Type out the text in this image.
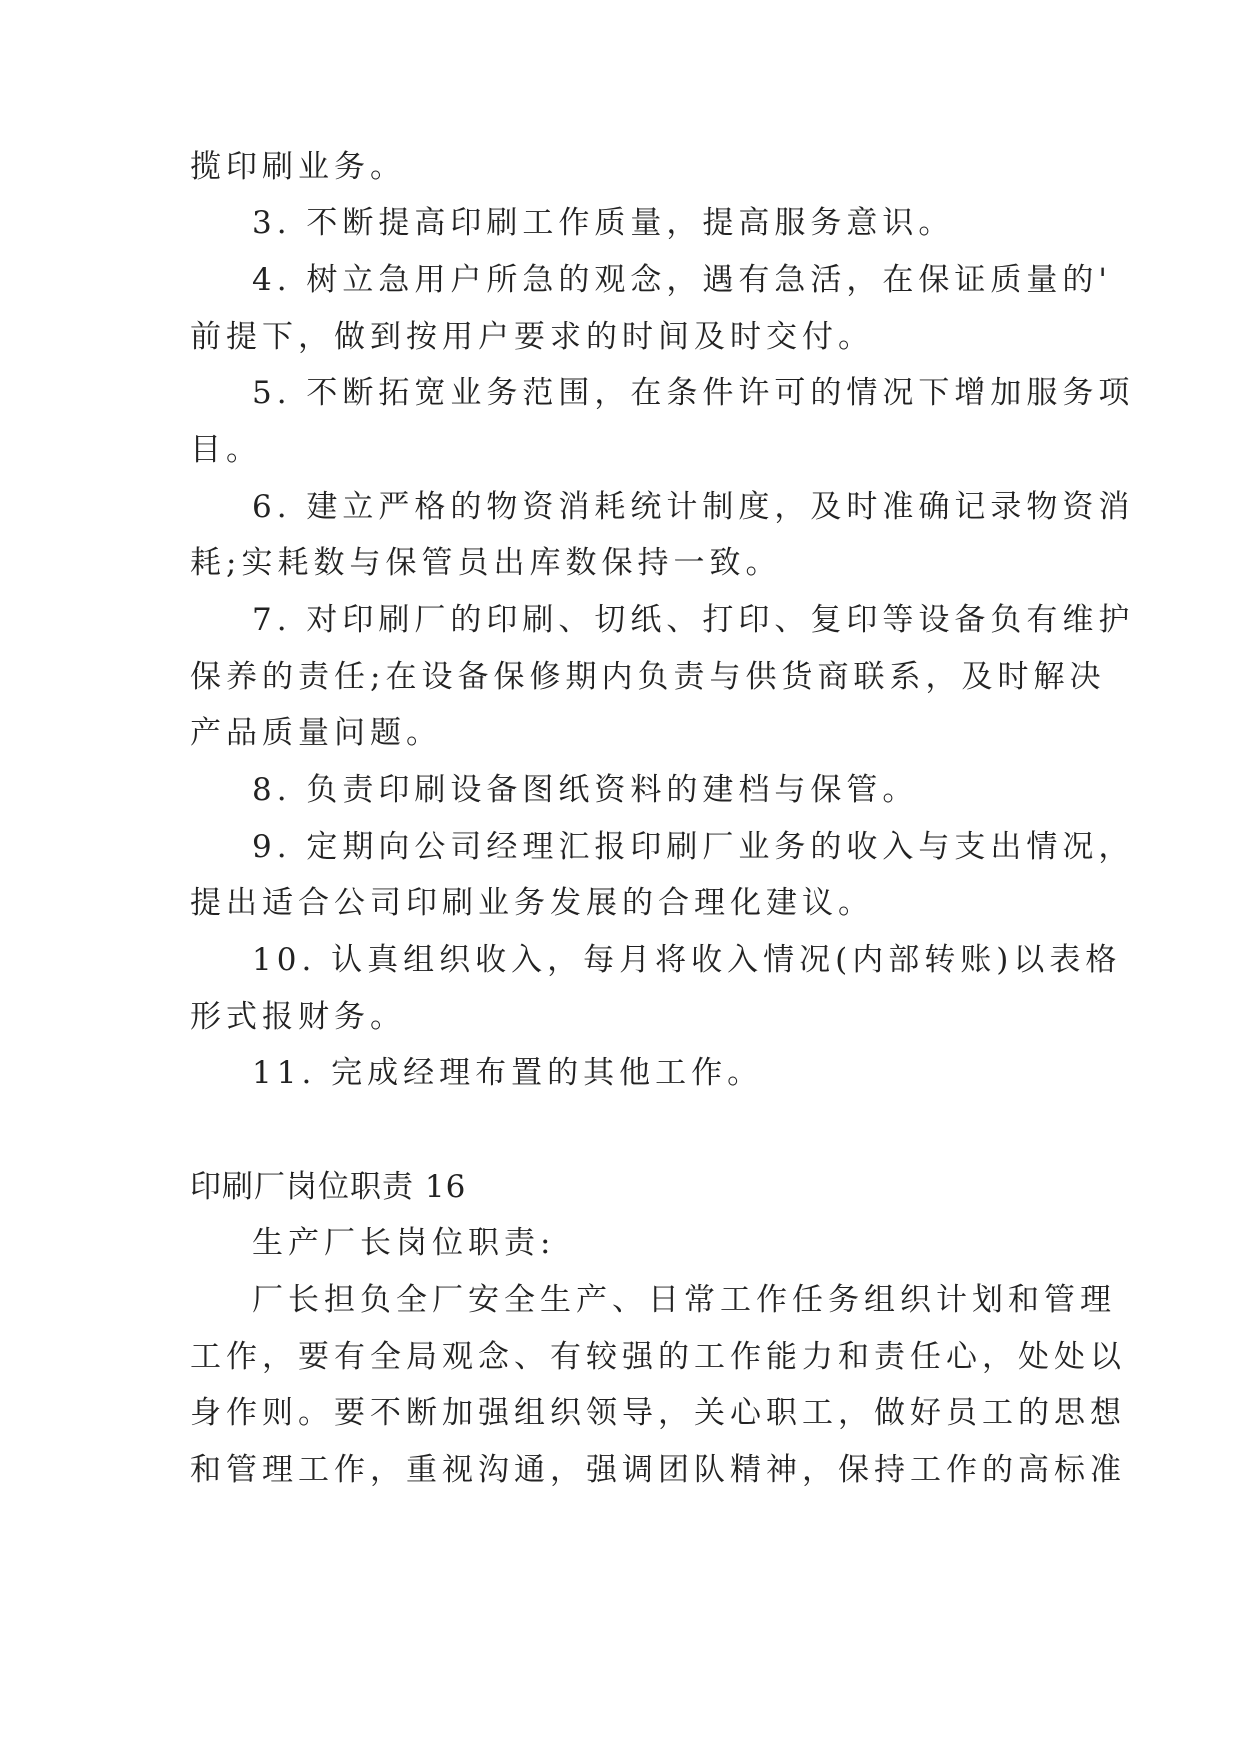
揽印刷业务。
3. 不断提高印刷工作质量，提高服务意识。
4. 树立急用户所急的观念，遇有急活，在保证质量的'
前提下，做到按用户要求的时间及时交付。
5. 不断拓宽业务范围，在条件许可的情况下增加服务项
目。
6. 建立严格的物资消耗统计制度，及时准确记录物资消
耗;实耗数与保管员出库数保持一致。
7. 对印刷厂的印刷、切纸、打印、复印等设备负有维护
保养的责任;在设备保修期内负责与供货商联系，及时解决
产品质量问题。
8. 负责印刷设备图纸资料的建档与保管。
9. 定期向公司经理汇报印刷厂业务的收入与支出情况，
提出适合公司印刷业务发展的合理化建议。
10. 认真组织收入，每月将收入情况(内部转账)以表格
形式报财务。
11. 完成经理布置的其他工作。
印刷厂岗位职责 16
生产厂长岗位职责:
厂长担负全厂安全生产、日常工作任务组织计划和管理
工作，要有全局观念、有较强的工作能力和责任心，处处以
身作则。要不断加强组织领导，关心职工，做好员工的思想
和管理工作，重视沟通，强调团队精神，保持工作的高标准
